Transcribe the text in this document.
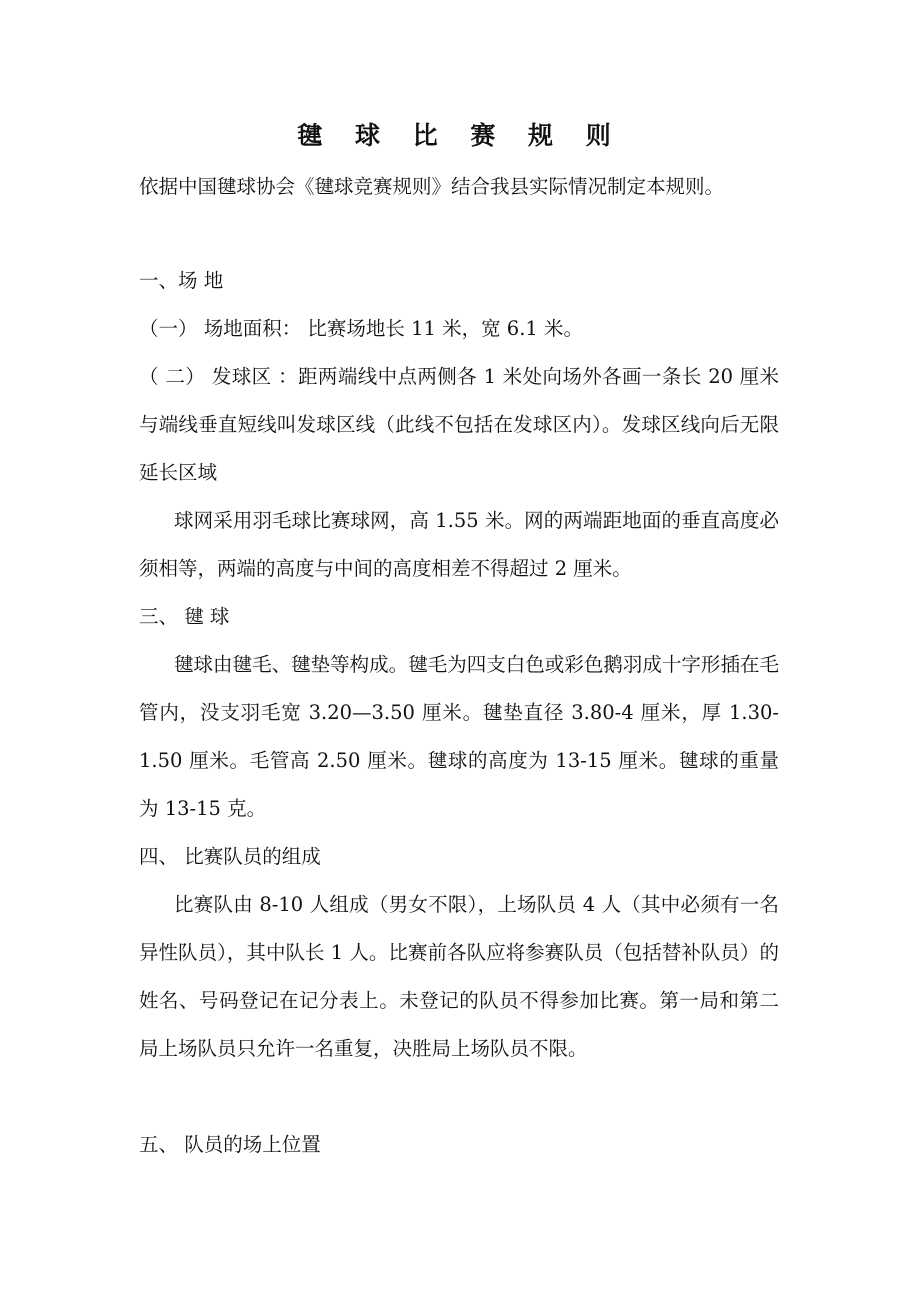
毽 球 比 赛 规 则
依据中国毽球协会《毽球竞赛规则》结合我县实际情况制定本规则。
一、场 地
（一） 场地面积： 比赛场地长 11 米，宽 6.1 米。
（ 二） 发球区 ：距两端线中点两侧各 1 米处向场外各画一条长 20 厘米与端线垂直短线叫发球区线（此线不包括在发球区内）。发球区线向后无限延长区域
球网采用羽毛球比赛球网，高 1.55 米。网的两端距地面的垂直高度必须相等，两端的高度与中间的高度相差不得超过 2 厘米。
三、 毽 球
毽球由毽毛、毽垫等构成。毽毛为四支白色或彩色鹅羽成十字形插在毛管内，没支羽毛宽 3.20—3.50 厘米。毽垫直径 3.80-4 厘米，厚 1.30-1.50 厘米。毛管高 2.50 厘米。毽球的高度为 13-15 厘米。毽球的重量为 13-15 克。
四、 比赛队员的组成
比赛队由 8-10 人组成（男女不限），上场队员 4 人（其中必须有一名异性队员），其中队长 1 人。比赛前各队应将参赛队员（包括替补队员）的姓名、号码登记在记分表上。未登记的队员不得参加比赛。第一局和第二局上场队员只允许一名重复，决胜局上场队员不限。
五、 队员的场上位置
